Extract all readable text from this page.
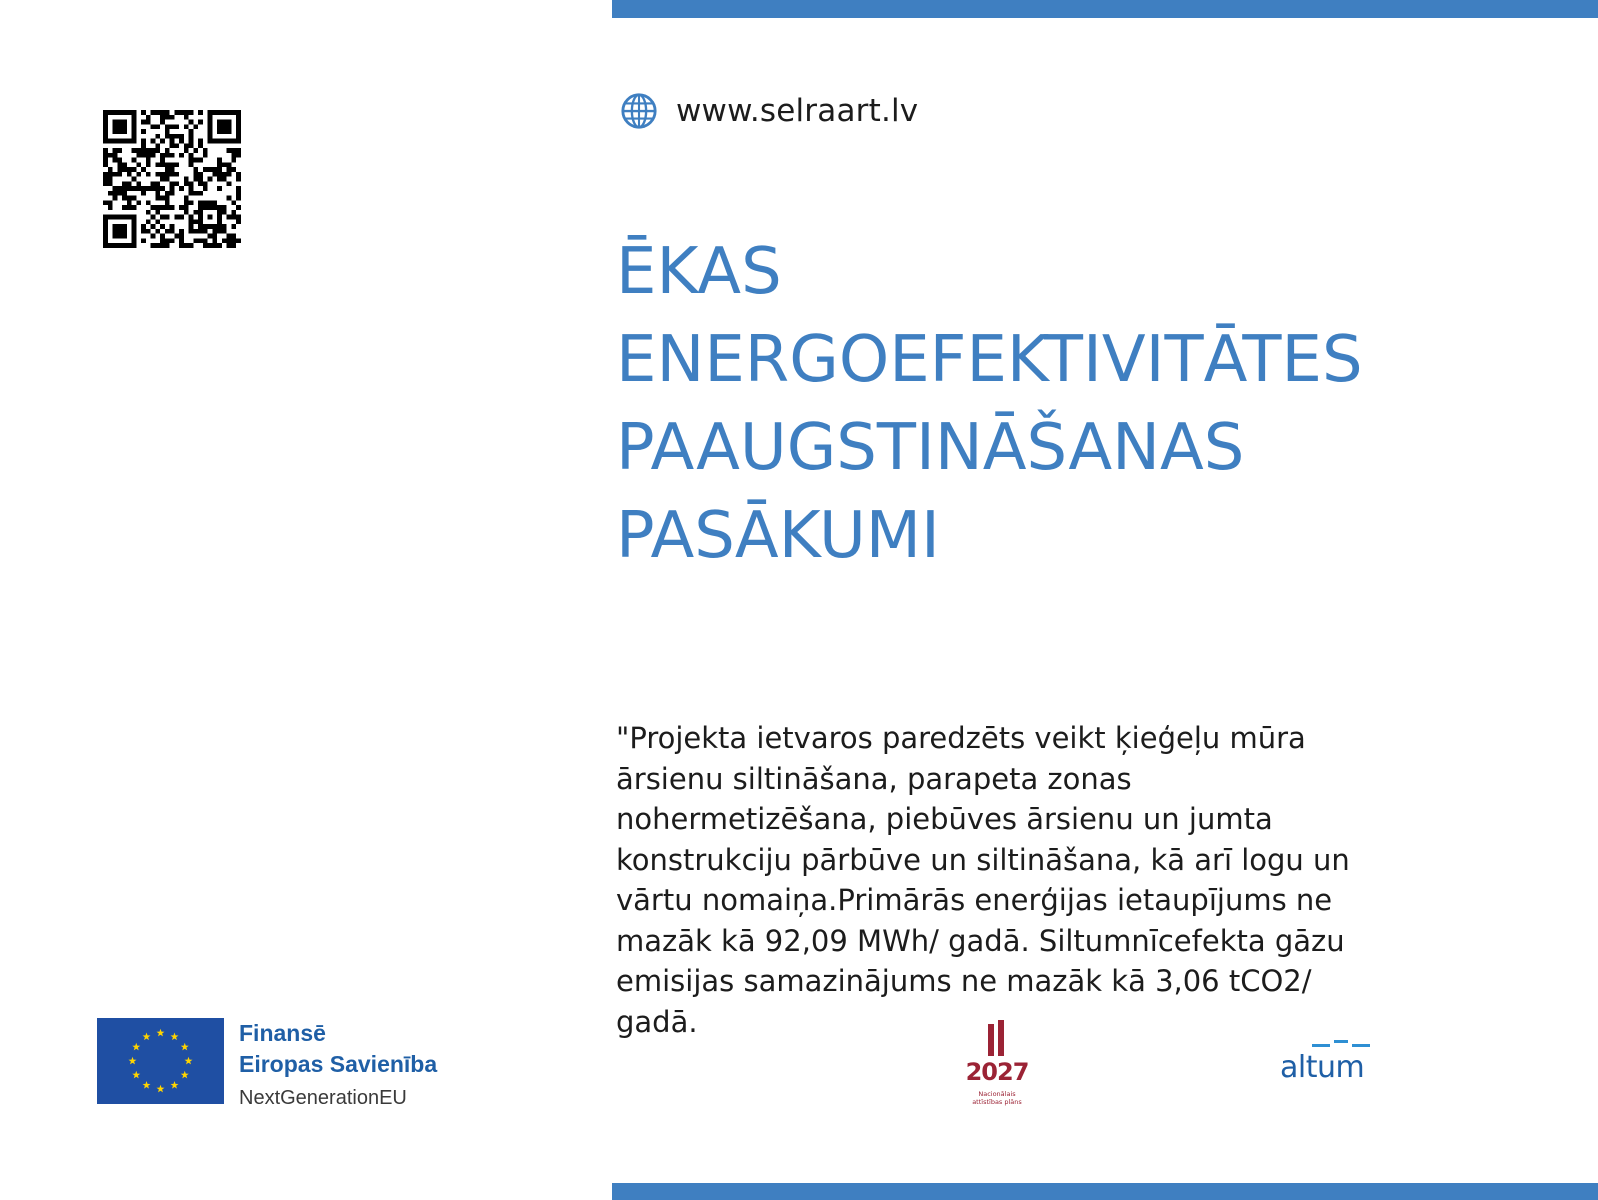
www.selraart.lv
ĒKAS
ENERGOEFEKTIVITĀTES
PAAUGSTINĀŠANAS
PASĀKUMI
"Projekta ietvaros paredzēts veikt ķieģeļu mūra
ārsienu siltināšana, parapeta zonas
nohermetizēšana, piebūves ārsienu un jumta
konstrukciju pārbūve un siltināšana, kā arī logu un
vārtu nomaiņa.Primārās enerģijas ietaupījums ne
mazāk kā 92,09 MWh/ gadā. Siltumnīcefekta gāzu
emisijas samazinājums ne mazāk kā 3,06 tCO2/
gadā.
Finansē
Eiropas Savienība
NextGenerationEU
2027
Nacionālais
attīstības plāns
altum
